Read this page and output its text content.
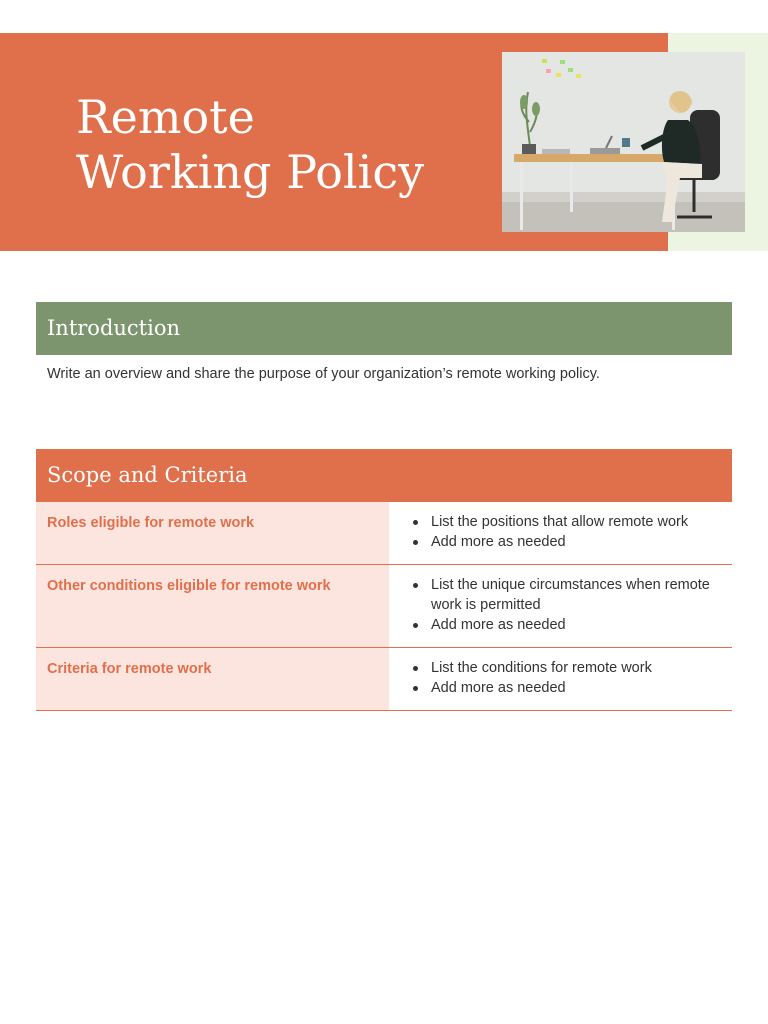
Remote
Working Policy
Introduction

Write an overview and share the purpose of your organization’s remote working policy.

Scope and Criteria
Roles eligible for remote work	List the positions that allow remote work
Add more as needed
Other conditions eligible for remote work	List the unique circumstances when remote work is permitted
Add more as needed
Criteria for remote work	List the conditions for remote work
Add more as needed
